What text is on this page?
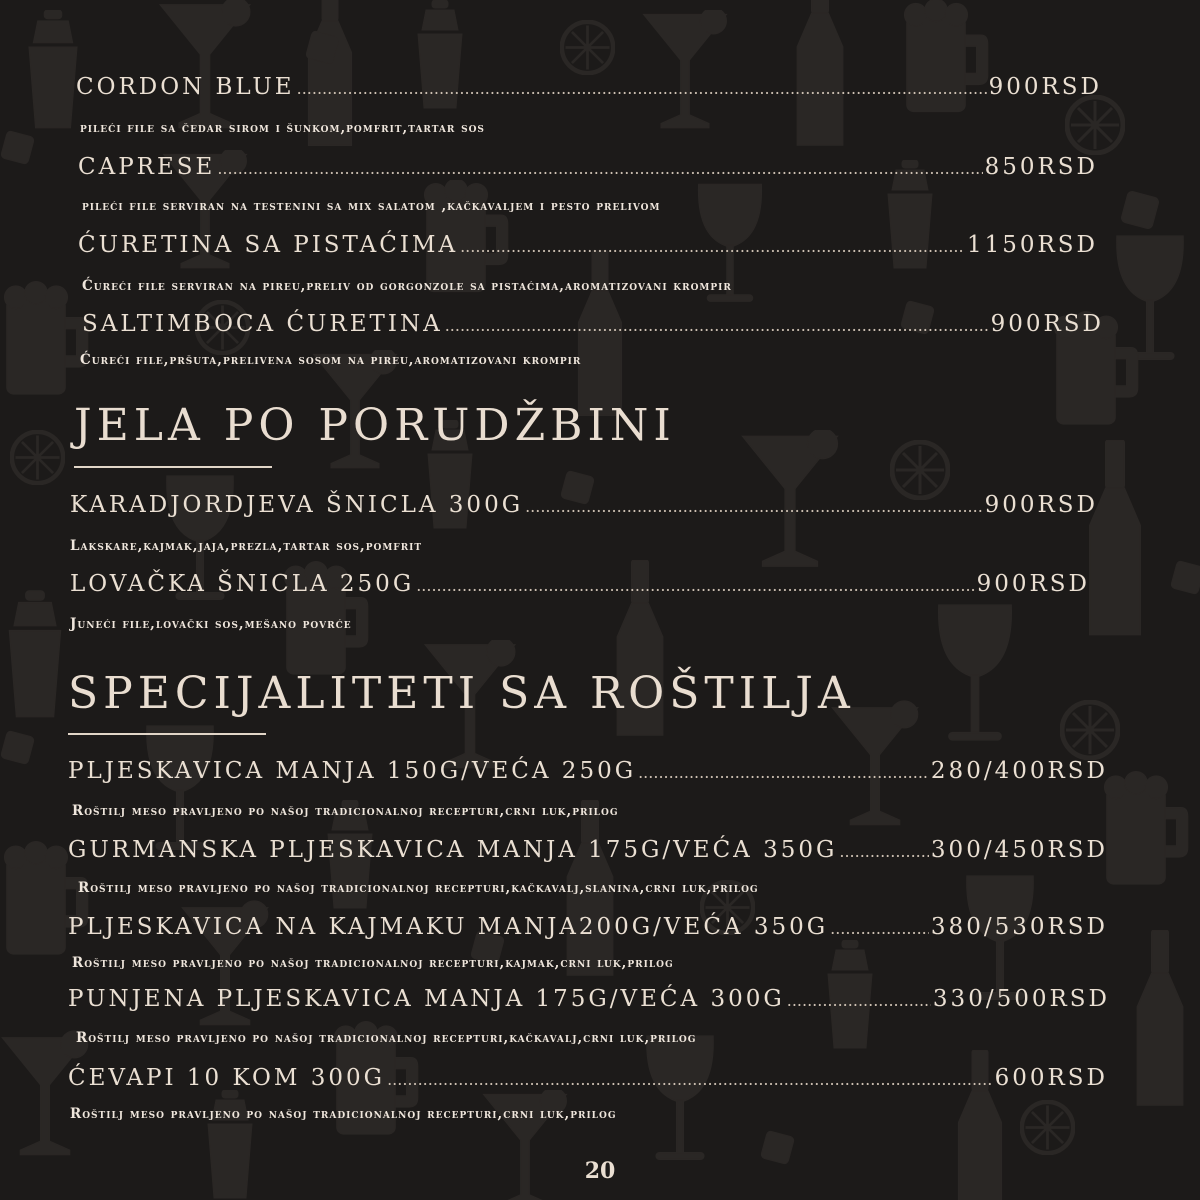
CORDON BLUE .....	900RSD
pileći file sa čedar sirom i šunkom,pomfrit,tartar sos
CAPRESE .....	850RSD
pileći file serviran na testenini sa mix salatom ,kačkavaljem i pesto prelivom
ĆURETINA SA PISTAĆIMA .....	1150RSD
Ćureći file serviran na pireu,preliv od gorgonzole sa pistaćima,aromatizovani krompir
SALTIMBOCA ĆURETINA .....	900RSD
Ćureći file,pršuta,prelivena sosom na pireu,aromatizovani krompir
JELA PO PORUDŽBINI
KARADJORDJEVA ŠNICLA 300G .....	900RSD
Lakskare,kajmak,jaja,prezla,tartar sos,pomfrit
LOVAČKA ŠNICLA 250G .....	900RSD
Juneći file,lovački sos,mešano povrće
SPECIJALITETI SA ROŠTILJA
PLJESKAVICA MANJA 150G/VEĆA 250G .....	280/400RSD
Roštilj meso pravljeno po našoj tradicionalnoj recepturi,crni luk,prilog
GURMANSKA PLJESKAVICA MANJA 175G/VEĆA 350G .....	300/450RSD
Roštilj meso pravljeno po našoj tradicionalnoj recepturi,kačkavalj,slanina,crni luk,prilog
PLJESKAVICA NA KAJMAKU MANJA200G/VEĆA 350G .....	380/530RSD
Roštilj meso pravljeno po našoj tradicionalnoj recepturi,kajmak,crni luk,prilog
PUNJENA PLJESKAVICA MANJA 175G/VEĆA 300G .....	330/500RSD
Roštilj meso pravljeno po našoj tradicionalnoj recepturi,kačkavalj,crni luk,prilog
ĆEVAPI 10 KOM 300G .....	600RSD
Roštilj meso pravljeno po našoj tradicionalnoj recepturi,crni luk,prilog
20
